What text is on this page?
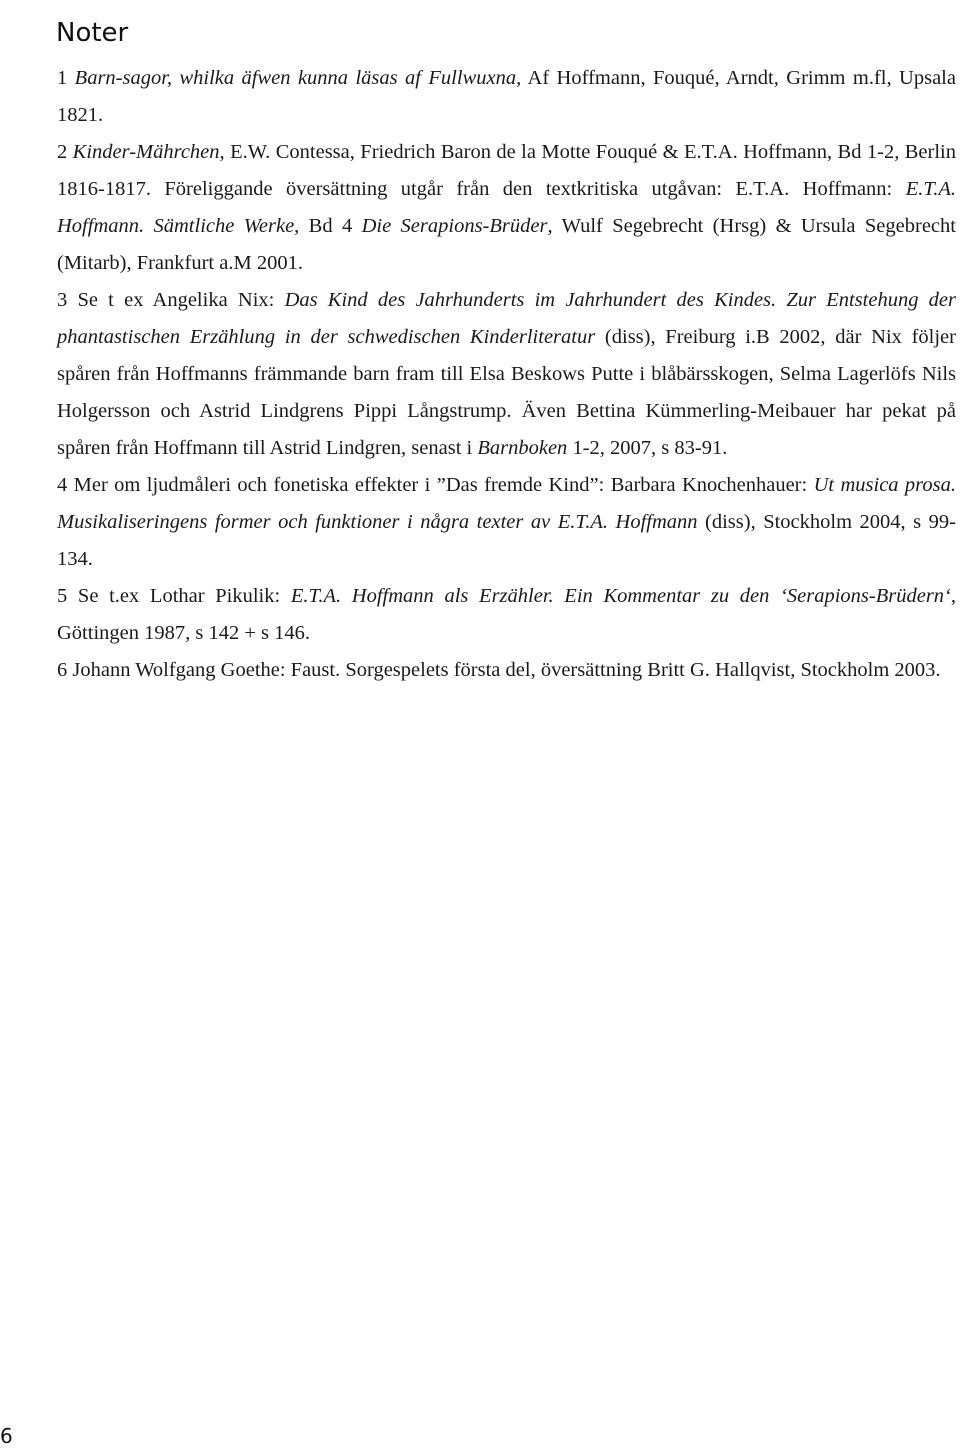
Noter

1 Barn-sagor, whilka äfwen kunna läsas af Fullwuxna, Af Hoffmann, Fouqué, Arndt, Grimm m.fl, Upsala 1821.

2 Kinder-Mährchen, E.W. Contessa, Friedrich Baron de la Motte Fouqué & E.T.A. Hoffmann, Bd 1-2, Berlin 1816-1817. Föreliggande översättning utgår från den textkritiska utgåvan: E.T.A. Hoffmann: E.T.A. Hoffmann. Sämtliche Werke, Bd 4 Die Serapions-Brüder, Wulf Segebrecht (Hrsg) & Ursula Segebrecht (Mitarb), Frankfurt a.M 2001.

3 Se t ex Angelika Nix: Das Kind des Jahrhunderts im Jahrhundert des Kindes. Zur Entstehung der phantastischen Erzählung in der schwedischen Kinderliteratur (diss), Freiburg i.B 2002, där Nix följer spåren från Hoffmanns främmande barn fram till Elsa Beskows Putte i blåbärsskogen, Selma Lagerlöfs Nils Holgersson och Astrid Lindgrens Pippi Långstrump. Även Bettina Kümmerling-Meibauer har pekat på spåren från Hoffmann till Astrid Lindgren, senast i Barnboken 1-2, 2007, s 83-91.

4 Mer om ljudmåleri och fonetiska effekter i ”Das fremde Kind”: Barbara Knochenhauer: Ut musica prosa. Musikaliseringens former och funktioner i några texter av E.T.A. Hoffmann (diss), Stockholm 2004, s 99-134.

5 Se t.ex Lothar Pikulik: E.T.A. Hoffmann als Erzähler. Ein Kommentar zu den ‘Serapions-Brüdern‘, Göttingen 1987, s 142 + s 146.

6 Johann Wolfgang Goethe: Faust. Sorgespelets första del, översättning Britt G. Hallqvist, Stockholm 2003.

6
